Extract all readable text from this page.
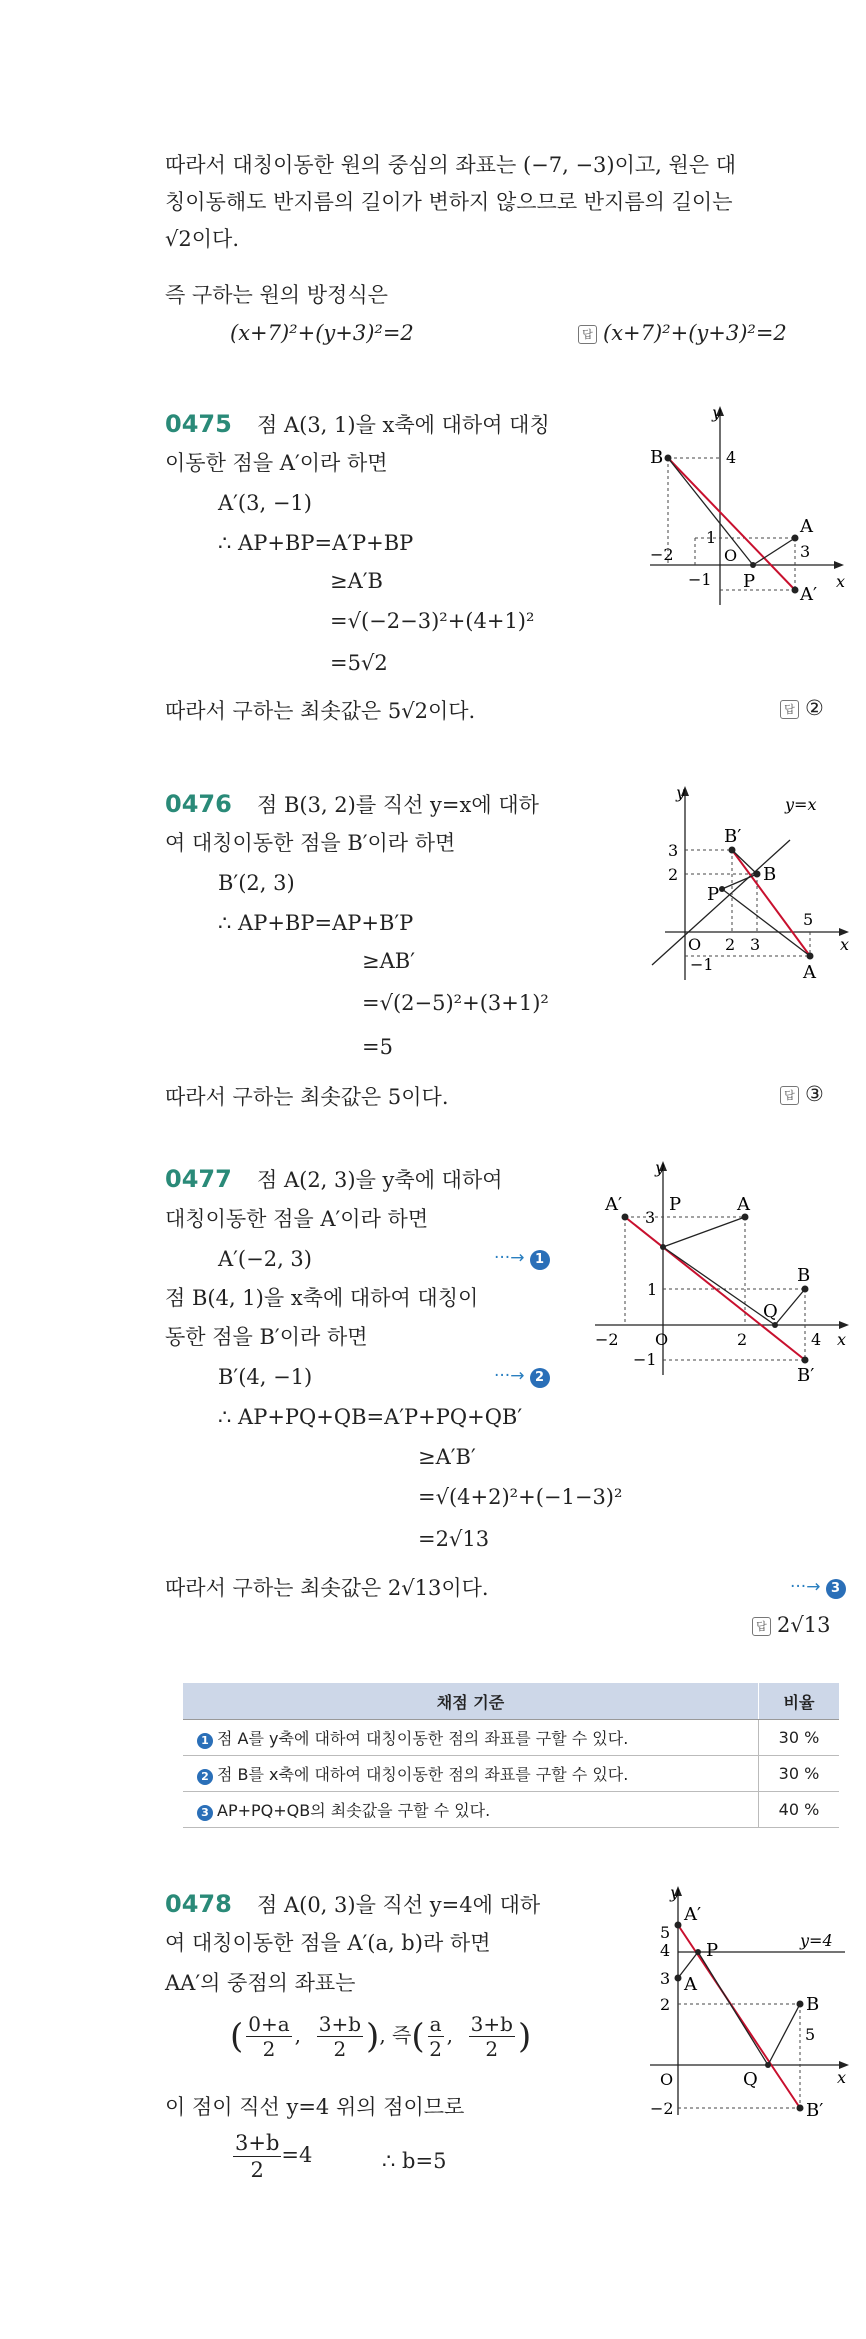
따라서 대칭이동한 원의 중심의 좌표는 (−7, −3)이고, 원은 대
칭이동해도 반지름의 길이가 변하지 않으므로 반지름의 길이는
√2이다.
즉 구하는 원의 방정식은
(x+7)²+(y+3)²=2	답 (x+7)²+(y+3)²=2
0475 점 A(3, 1)을 x축에 대하여 대칭
이동한 점을 A′이라 하면
A′(3, −1)
∴ AP+BP=A′P+BP
≥A′B
=√(−2−3)²+(4+1)²
=5√2
따라서 구하는 최솟값은 5√2이다.	답 ②
y
x
B	4
1
A
3
−2	O
−1 P
A′
0476 점 B(3, 2)를 직선 y=x에 대하
여 대칭이동한 점을 B′이라 하면
B′(2, 3)
∴ AP+BP=AP+B′P
≥AB′
=√(2−5)²+(3+1)²
=5
따라서 구하는 최솟값은 5이다.	답 ③
y
y=x
B′
B
3
2
P
O 2 3
5
x
−1	A
0477 점 A(2, 3)을 y축에 대하여
대칭이동한 점을 A′이라 하면
A′(−2, 3)	···→ 1
점 B(4, 1)을 x축에 대하여 대칭이
동한 점을 B′이라 하면
B′(4, −1)	···→ 2
∴ AP+PQ+QB=A′P+PQ+QB′
≥A′B′
=√(4+2)²+(−1−3)²
=2√13
따라서 구하는 최솟값은 2√13이다.	···→ 3
답 2√13
y
A′
3
P	A
B
1
Q
−2 O	2	4 x
−1
B′
채점 기준	비율
1 점 A를 y축에 대하여 대칭이동한 점의 좌표를 구할 수 있다.	30 %
2 점 B를 x축에 대하여 대칭이동한 점의 좌표를 구할 수 있다.	30 %
3 AP+PQ+QB의 최솟값을 구할 수 있다.	40 %
0478 점 A(0, 3)을 직선 y=4에 대하
여 대칭이동한 점을 A′(a, b)라 하면
AA′의 중점의 좌표는
( $\frac{0+a}{2}$ , $\frac{3+b}{2}$ ), 즉( $\frac{a}{2}$ , $\frac{3+b}{2}$ )
이 점이 직선 y=4 위의 점이므로
$\frac{3+b}{2} =4$	∴ b=5
y
A′
5
4 P	y=4
3 A
2	B
5
O	Q	x
−2	B′
